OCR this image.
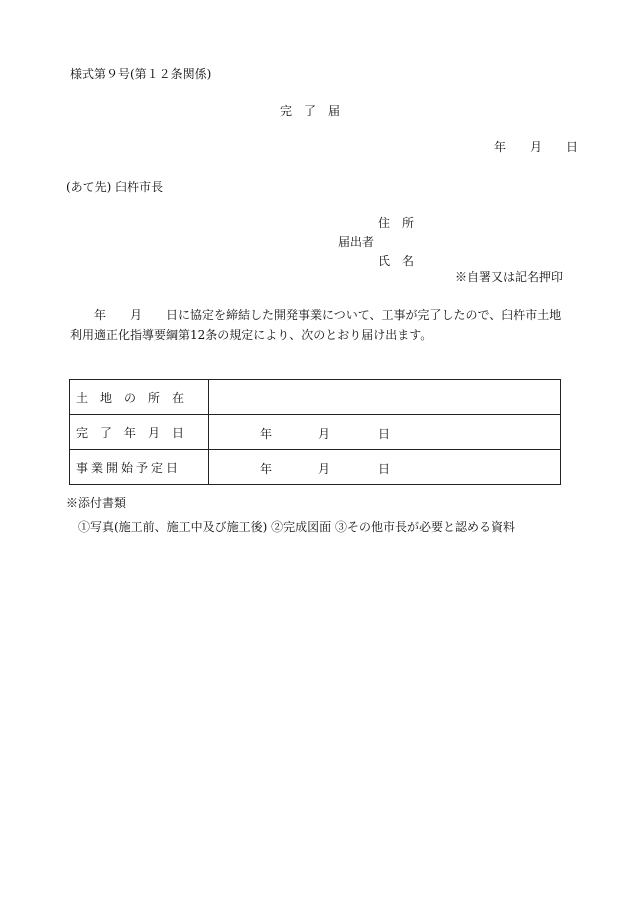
様式第９号(第１２条関係)
完　了　届
年　　月　　日
(あて先) 臼杵市長
住　所
届出者
氏　名
※自署又は記名押印
　　年　　月　　日に協定を締結した開発事業について、工事が完了したので、臼杵市土地利用適正化指導要綱第12条の規定により、次のとおり届け出ます。
土　地　の　所　在	
完　了　年　月　日	年 月 日

事業開始予定日	年 月 日
※添付書類
①写真(施工前、施工中及び施工後) ②完成図面 ③その他市長が必要と認める資料
